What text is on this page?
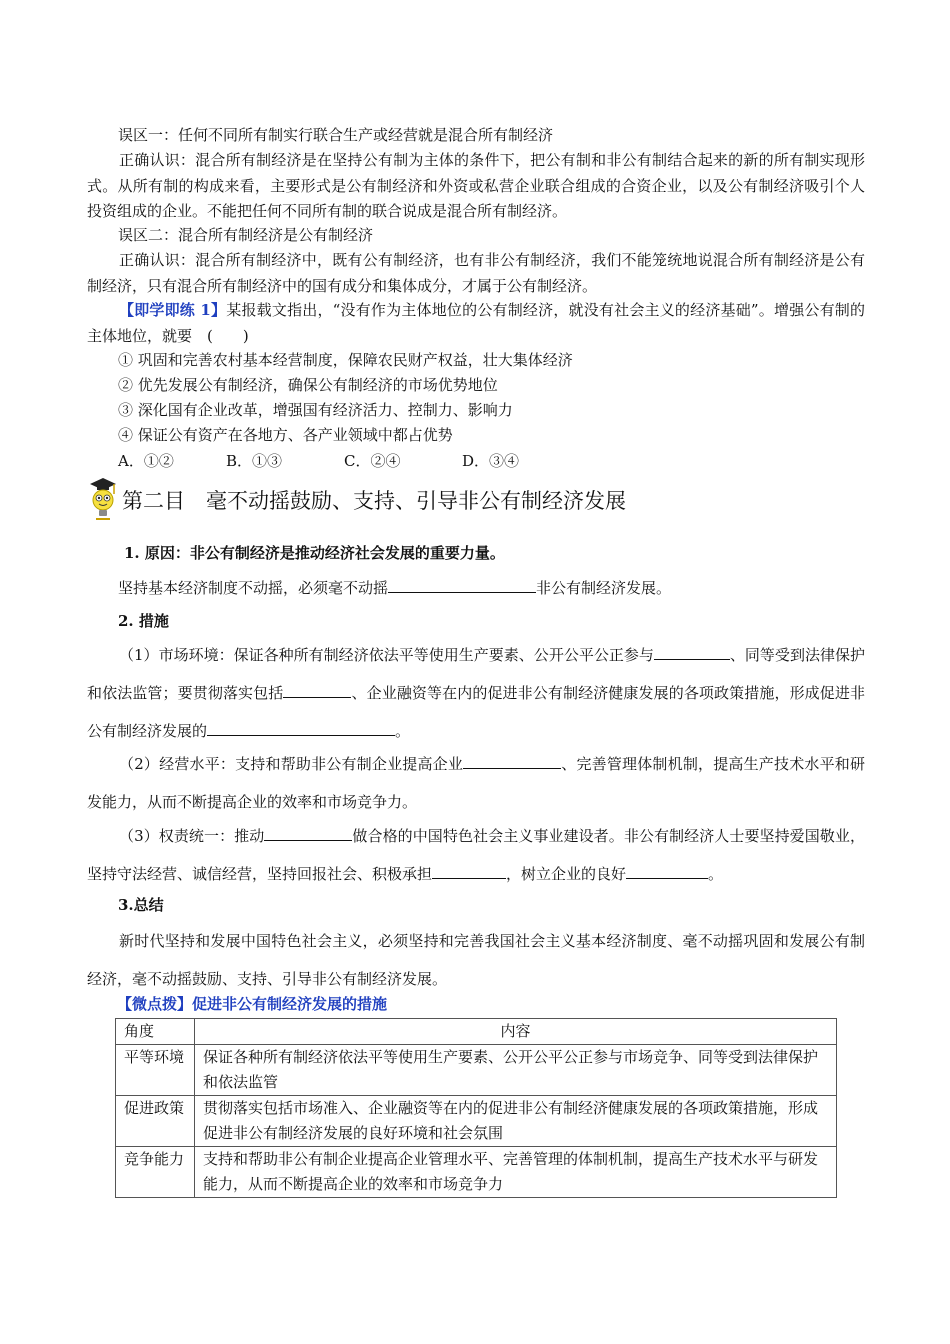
误区一：任何不同所有制实行联合生产或经营就是混合所有制经济
正确认识：混合所有制经济是在坚持公有制为主体的条件下，把公有制和非公有制结合起来的新的所有制实现形式。从所有制的构成来看，主要形式是公有制经济和外资或私营企业联合组成的合资企业，以及公有制经济吸引个人投资组成的企业。不能把任何不同所有制的联合说成是混合所有制经济。
误区二：混合所有制经济是公有制经济
正确认识：混合所有制经济中，既有公有制经济，也有非公有制经济，我们不能笼统地说混合所有制经济是公有制经济，只有混合所有制经济中的国有成分和集体成分，才属于公有制经济。
【即学即练 1】某报载文指出，“没有作为主体地位的公有制经济，就没有社会主义的经济基础”。增强公有制的主体地位，就要　(　　)
① 巩固和完善农村基本经营制度，保障农民财产权益，壮大集体经济
② 优先发展公有制经济，确保公有制经济的市场优势地位
③ 深化国有企业改革，增强国有经济活力、控制力、影响力
④ 保证公有资产在各地方、各产业领域中都占优势
A．①②	B．①③	C．②④	D．③④
第二目　毫不动摇鼓励、支持、引导非公有制经济发展
1. 原因：非公有制经济是推动经济社会发展的重要力量。
坚持基本经济制度不动摇，必须毫不动摇	非公有制经济发展。
2. 措施
（1）市场环境：保证各种所有制经济依法平等使用生产要素、公开公平公正参与	、同等受到法律保护和依法监管；要贯彻落实包括	、企业融资等在内的促进非公有制经济健康发展的各项政策措施，形成促进非公有制经济发展的	。
（2）经营水平：支持和帮助非公有制企业提高企业	、完善管理体制机制，提高生产技术水平和研发能力，从而不断提高企业的效率和市场竞争力。
（3）权责统一：推动	做合格的中国特色社会主义事业建设者。非公有制经济人士要坚持爱国敬业，坚持守法经营、诚信经营，坚持回报社会、积极承担	，树立企业的良好	。
3.总结
新时代坚持和发展中国特色社会主义，必须坚持和完善我国社会主义基本经济制度、毫不动摇巩固和发展公有制经济，毫不动摇鼓励、支持、引导非公有制经济发展。
【微点拨】促进非公有制经济发展的措施
角度	内容
平等环境	保证各种所有制经济依法平等使用生产要素、公开公平公正参与市场竞争、同等受到法律保护和依法监管
促进政策	贯彻落实包括市场准入、企业融资等在内的促进非公有制经济健康发展的各项政策措施，形成促进非公有制经济发展的良好环境和社会氛围
竞争能力	支持和帮助非公有制企业提高企业管理水平、完善管理的体制机制，提高生产技术水平与研发能力，从而不断提高企业的效率和市场竞争力
